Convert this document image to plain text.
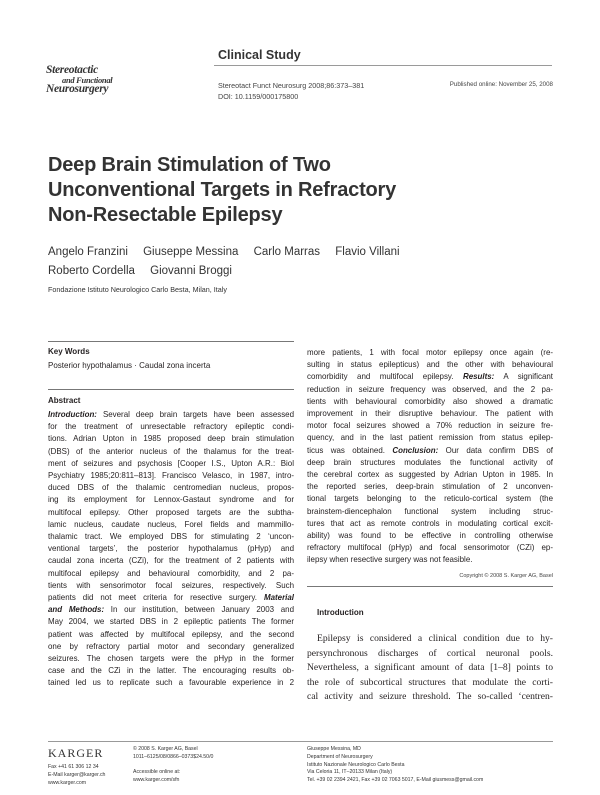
Stereotactic
and Functional
Neurosurgery
Clinical Study
Stereotact Funct Neurosurg 2008;86:373–381
DOI: 10.1159/000175800
Published online: November 25, 2008
Deep Brain Stimulation of Two
Unconventional Targets in Refractory
Non-Resectable Epilepsy
Angelo Franzini Giuseppe Messina Carlo Marras Flavio Villani
Roberto Cordella Giovanni Broggi
Fondazione Istituto Neurologico Carlo Besta, Milan, Italy
Key Words
Posterior hypothalamus · Caudal zona incerta
Abstract
Introduction: Several deep brain targets have been assessed
for the treatment of unresectable refractory epileptic condi-
tions. Adrian Upton in 1985 proposed deep brain stimulation
(DBS) of the anterior nucleus of the thalamus for the treat-
ment of seizures and psychosis [Cooper I.S., Upton A.R.: Biol
Psychiatry 1985;20:811–813]. Francisco Velasco, in 1987, intro-
duced DBS of the thalamic centromedian nucleus, propos-
ing its employment for Lennox-Gastaut syndrome and for
multifocal epilepsy. Other proposed targets are the subtha-
lamic nucleus, caudate nucleus, Forel fields and mammillo-
thalamic tract. We employed DBS for stimulating 2 ‘uncon-
ventional targets’, the posterior hypothalamus (pHyp) and
caudal zona incerta (CZi), for the treatment of 2 patients with
multifocal epilepsy and behavioural comorbidity, and 2 pa-
tients with sensorimotor focal seizures, respectively. Such
patients did not meet criteria for resective surgery. Material
and Methods: In our institution, between January 2003 and
May 2004, we started DBS in 2 epileptic patients The former
patient was affected by multifocal epilepsy, and the second
one by refractory partial motor and secondary generalized
seizures. The chosen targets were the pHyp in the former
case and the CZi in the latter. The encouraging results ob-
tained led us to replicate such a favourable experience in 2
more patients, 1 with focal motor epilepsy once again (re-
sulting in status epilepticus) and the other with behavioural
comorbidity and multifocal epilepsy. Results: A significant
reduction in seizure frequency was observed, and the 2 pa-
tients with behavioural comorbidity also showed a dramatic
improvement in their disruptive behaviour. The patient with
motor focal seizures showed a 70% reduction in seizure fre-
quency, and in the last patient remission from status epilep-
ticus was obtained. Conclusion: Our data confirm DBS of
deep brain structures modulates the functional activity of
the cerebral cortex as suggested by Adrian Upton in 1985. In
the reported series, deep-brain stimulation of 2 unconven-
tional targets belonging to the reticulo-cortical system (the
brainstem-diencephalon functional system including struc-
tures that act as remote controls in modulating cortical excit-
ability) was found to be effective in controlling otherwise
refractory multifocal (pHyp) and focal sensorimotor (CZi) ep-
ilepsy when resective surgery was not feasible.
Copyright © 2008 S. Karger AG, Basel
Introduction
Epilepsy is considered a clinical condition due to hy-
persynchronous discharges of cortical neuronal pools.
Nevertheless, a significant amount of data [1–8] points to
the role of subcortical structures that modulate the corti-
cal activity and seizure threshold. The so-called ‘centren-
KARGER
Fax +41 61 306 12 34
E-Mail karger@karger.ch
www.karger.com
© 2008 S. Karger AG, Basel
1011–6125/08/0866–0373$24.50/0

Accessible online at:
www.karger.com/sfn
Giuseppe Messina, MD
Department of Neurosurgery
Istituto Nazionale Neurologico Carlo Besta
Via Celoria 11, IT–20133 Milan (Italy)
Tel. +39 02 2394 2421, Fax +39 02 7063 5017, E-Mail giusmess@gmail.com
